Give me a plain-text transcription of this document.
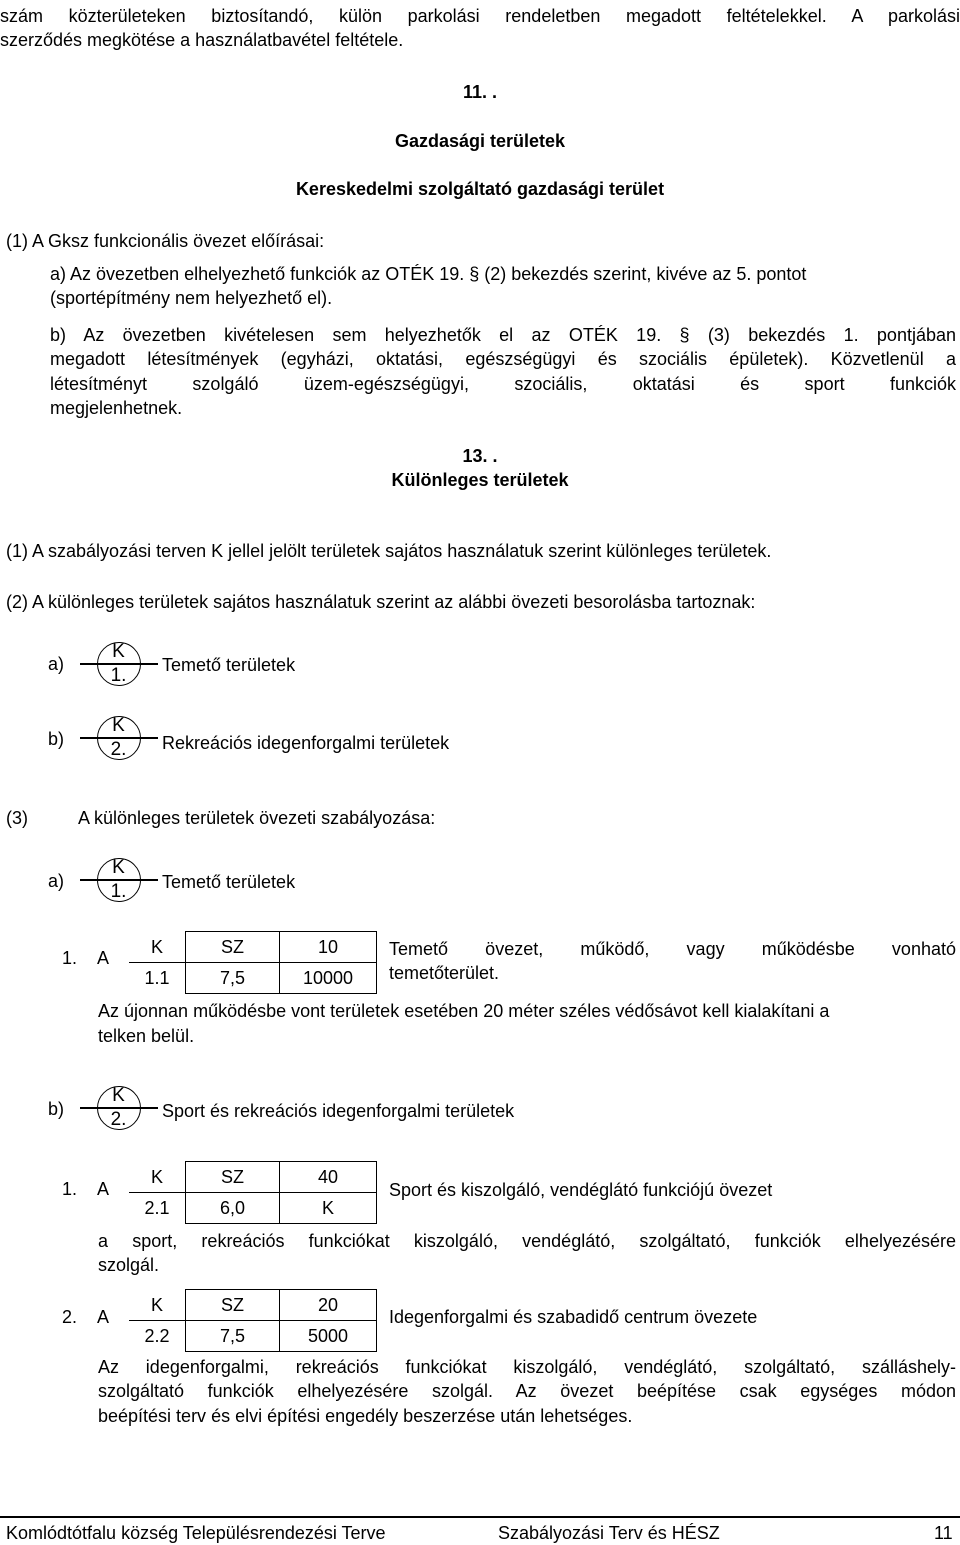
szám közterületeken biztosítandó, külön parkolási rendeletben megadott feltételekkel. A parkolási
szerződés megkötése a használatbavétel feltétele.
11. .
Gazdasági területek
Kereskedelmi szolgáltató gazdasági terület
(1) A Gksz funkcionális övezet előírásai:
a) Az övezetben elhelyezhető funkciók az OTÉK 19. § (2) bekezdés szerint, kivéve az 5. pontot
(sportépítmény nem helyezhető el).
b) Az övezetben kivételesen sem helyezhetők el az OTÉK 19. § (3) bekezdés 1. pontjában
megadott létesítmények (egyházi, oktatási, egészségügyi és szociális épületek). Közvetlenül a
létesítményt szolgáló üzem-egészségügyi, szociális, oktatási és sport funkciók
megjelenhetnek.
13. .
Különleges területek
(1) A szabályozási terven K jellel jelölt területek sajátos használatuk szerint különleges területek.
(2) A különleges területek sajátos használatuk szerint az alábbi övezeti besorolásba tartoznak:
a)
K
1.	Temető területek
b)
K
2.	Rekreációs idegenforgalmi területek
(3)	A különleges területek övezeti szabályozása:
a)
K
1.	Temető területek
1. A
K	SZ	10
1.1	7,5	10000
Temető övezet, működő, vagy működésbe vonható
temetőterület.
Az újonnan működésbe vont területek esetében 20 méter széles védősávot kell kialakítani a
telken belül.
b)
K
2.	Sport és rekreációs idegenforgalmi területek
1. A
K	SZ	40
2.1	6,0	K
Sport és kiszolgáló, vendéglátó funkciójú övezet
a sport, rekreációs funkciókat kiszolgáló, vendéglátó, szolgáltató, funkciók elhelyezésére
szolgál.
2. A
K	SZ	20
2.2	7,5	5000
Idegenforgalmi és szabadidő centrum övezete
Az idegenforgalmi, rekreációs funkciókat kiszolgáló, vendéglátó, szolgáltató, szálláshely-
szolgáltató funkciók elhelyezésére szolgál. Az övezet beépítése csak egységes módon
beépítési terv és elvi építési engedély beszerzése után lehetséges.
Komlódtótfalu község Településrendezési Terve	Szabályozási Terv és HÉSZ	11
